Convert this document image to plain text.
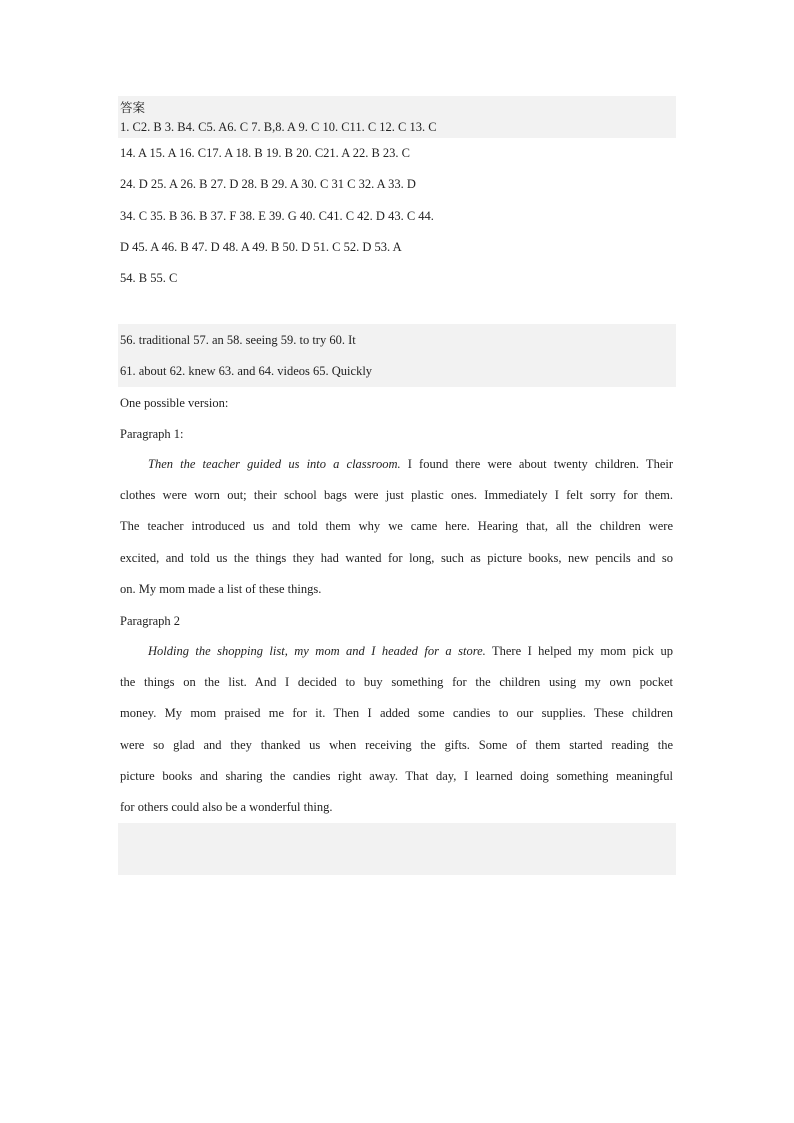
答案
1. C2. B 3. B4. C5. A6. C 7. B,8. A 9. C 10. C11. C 12. C 13. C
14. A 15. A 16. C17. A 18. B 19. B 20. C21. A 22. B 23. C
24. D 25. A 26. B 27. D 28. B 29. A 30. C 31 C 32. A 33. D
34. C 35. B 36. B 37. F 38. E 39. G 40. C41. C 42. D 43. C 44.
D 45. A 46. B 47. D 48. A 49. B 50. D 51. C 52. D 53. A
54. B 55. C
56. traditional 57. an 58. seeing 59. to try 60. It
61. about 62. knew 63. and 64. videos 65. Quickly
One possible version:
Paragraph 1:
Then the teacher guided us into a classroom. I found there were about twenty children. Their
clothes were worn out; their school bags were just plastic ones. Immediately I felt sorry for them.
The teacher introduced us and told them why we came here. Hearing that, all the children were
excited, and told us the things they had wanted for long, such as picture books, new pencils and so
on. My mom made a list of these things.
Paragraph 2
Holding the shopping list, my mom and I headed for a store. There I helped my mom pick up
the things on the list. And I decided to buy something for the children using my own pocket
money. My mom praised me for it. Then I added some candies to our supplies. These children
were so glad and they thanked us when receiving the gifts. Some of them started reading the
picture books and sharing the candies right away. That day, I learned doing something meaningful
for others could also be a wonderful thing.
